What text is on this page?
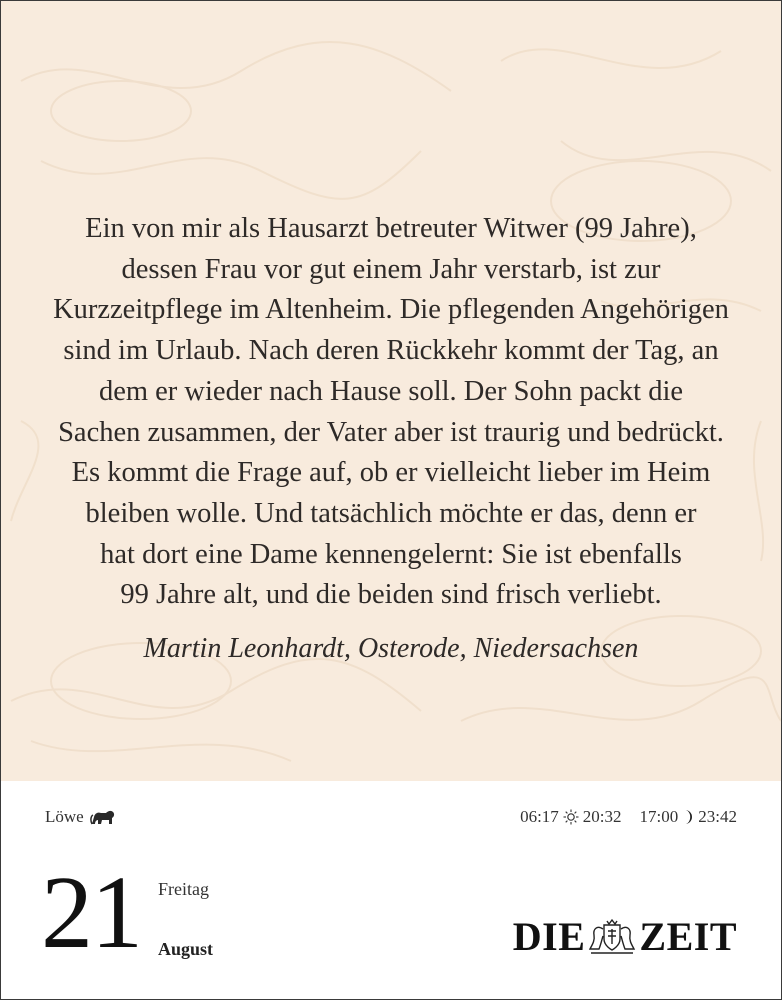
Ein von mir als Hausarzt betreuter Witwer (99 Jahre),
dessen Frau vor gut einem Jahr verstarb, ist zur
Kurzzeitpflege im Altenheim. Die pflegenden Angehörigen
sind im Urlaub. Nach deren Rückkehr kommt der Tag, an
dem er wieder nach Hause soll. Der Sohn packt die
Sachen zusammen, der Vater aber ist traurig und bedrückt.
Es kommt die Frage auf, ob er vielleicht lieber im Heim
bleiben wolle. Und tatsächlich möchte er das, denn er
hat dort eine Dame kennengelernt: Sie ist ebenfalls
99 Jahre alt, und die beiden sind frisch verliebt.

Martin Leonhardt, Osterode, Niedersachsen

Löwe	06:17 20:32 17:00 23:42
21 Freitag
August	DIE ZEIT
